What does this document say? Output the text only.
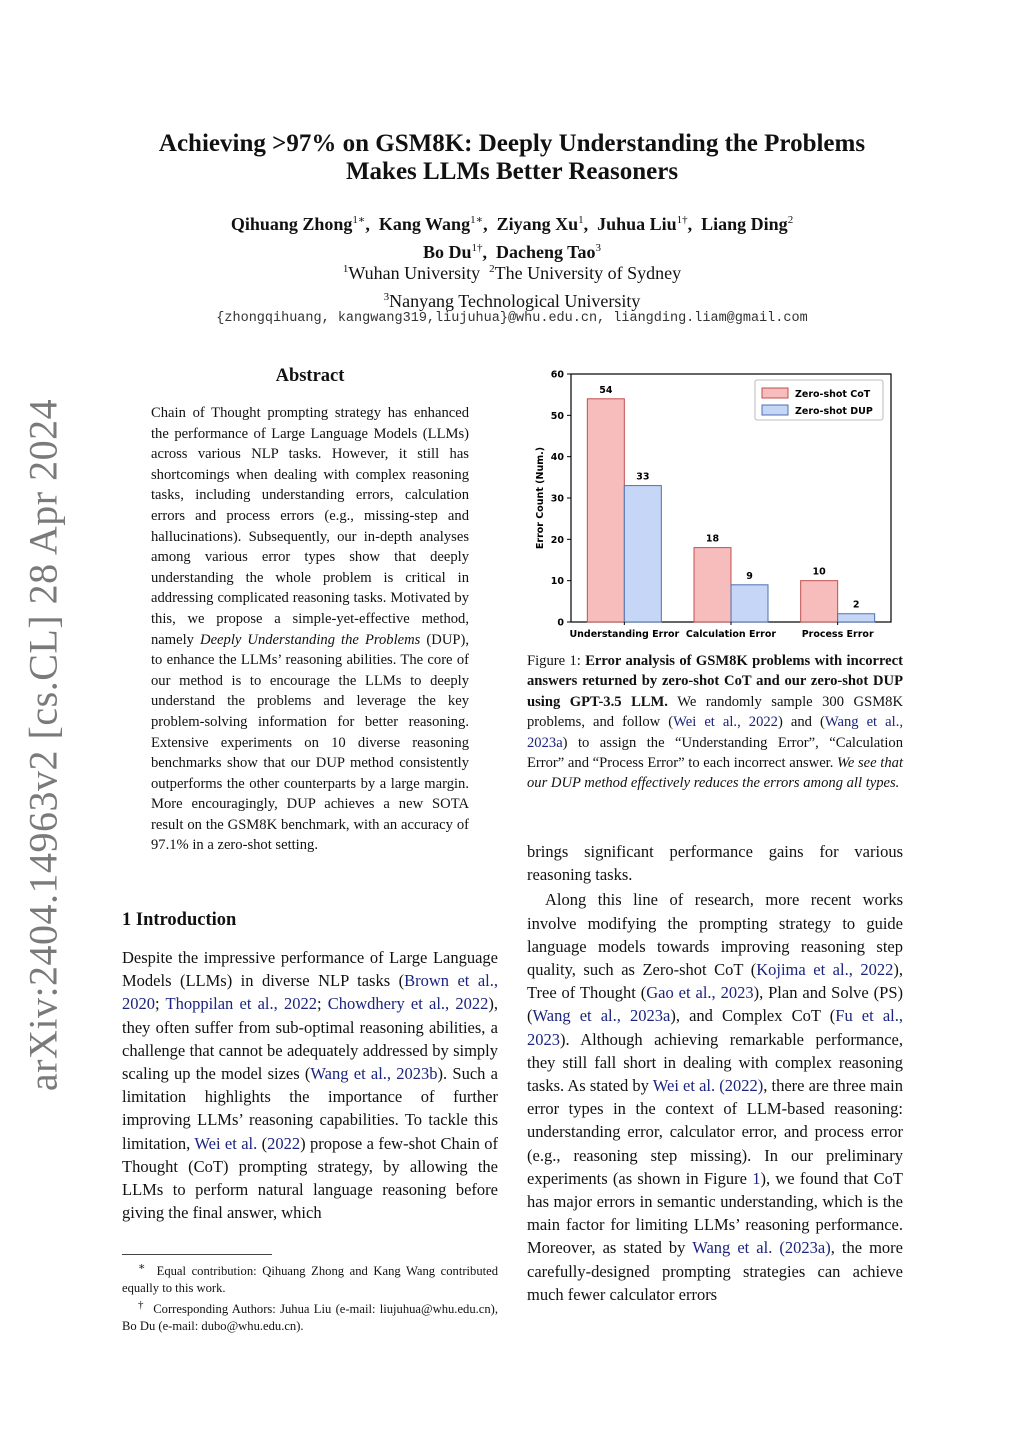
arXiv:2404.14963v2 [cs.CL] 28 Apr 2024
Achieving >97% on GSM8K: Deeply Understanding the Problems
Makes LLMs Better Reasoners
Qihuang Zhong$^{1∗}$,  Kang Wang$^{1∗}$,  Ziyang Xu$^1$,  Juhua Liu$^{1\dagger}$,  Liang Ding$^2$
Bo $Du^{1\dagger}$,  Dacheng Tao$^3$
$^1$Wuhan University $^2$The University of Sydney
$^3$Nanyang Technological University
{zhongqihuang, kangwang319,liujuhua}@whu.edu.cn, liangding.liam@gmail.com
Abstract

Chain of Thought prompting strategy has enhanced the performance of Large Language Models (LLMs) across various NLP tasks. However, it still has shortcomings when dealing with complex reasoning tasks, including understanding errors, calculation errors and process errors (e.g., missing-step and hallucinations). Subsequently, our in-depth analyses among various error types show that deeply understanding the whole problem is critical in addressing complicated reasoning tasks. Motivated by this, we propose a simple-yet-effective method, namely Deeply Understanding the Problems (DUP), to enhance the LLMs’ reasoning abilities. The core of our method is to encourage the LLMs to deeply understand the problems and leverage the key problem-solving information for better reasoning. Extensive experiments on 10 diverse reasoning benchmarks show that our DUP method consistently outperforms the other counterparts by a large margin. More encouragingly, DUP achieves a new SOTA result on the GSM8K benchmark, with an accuracy of 97.1% in a zero-shot setting.

1 Introduction

Despite the impressive performance of Large Language Models (LLMs) in diverse NLP tasks (Brown et al., 2020; Thoppilan et al., 2022; Chowdhery et al., 2022), they often suffer from sub-optimal reasoning abilities, a challenge that cannot be adequately addressed by simply scaling up the model sizes (Wang et al., 2023b). Such a limitation highlights the importance of further improving LLMs’ reasoning capabilities. To tackle this limitation, Wei et al. (2022) propose a few-shot Chain of Thought (CoT) prompting strategy, by allowing the LLMs to perform natural language reasoning before giving the final answer, which

∗ Equal contribution: Qihuang Zhong and Kang Wang contributed equally to this work.

† Corresponding Authors: Juhua Liu (e-mail: liujuhua@whu.edu.cn), Bo Du (e-mail: dubo@whu.edu.cn).

0
10
20
30
40
50
60
Error Count (Num.)
54
33
Understanding Error
18
9
Calculation Error
10
2
Process Error
Zero-shot CoT
Zero-shot DUP

Figure 1: Error analysis of GSM8K problems with incorrect answers returned by zero-shot CoT and our zero-shot DUP using GPT-3.5 LLM. We randomly sample 300 GSM8K problems, and follow (Wei et al., 2022) and (Wang et al., 2023a) to assign the “Understanding Error”, “Calculation Error” and “Process Error” to each incorrect answer. We see that our DUP method effectively reduces the errors among all types.

brings significant performance gains for various reasoning tasks.

Along this line of research, more recent works involve modifying the prompting strategy to guide language models towards improving reasoning step quality, such as Zero-shot CoT (Kojima et al., 2022), Tree of Thought (Gao et al., 2023), Plan and Solve (PS) (Wang et al., 2023a), and Complex CoT (Fu et al., 2023). Although achieving remarkable performance, they still fall short in dealing with complex reasoning tasks. As stated by Wei et al. (2022), there are three main error types in the context of LLM-based reasoning: understanding error, calculator error, and process error (e.g., reasoning step missing). In our preliminary experiments (as shown in Figure 1), we found that CoT has major errors in semantic understanding, which is the main factor for limiting LLMs’ reasoning performance. Moreover, as stated by Wang et al. (2023a), the more carefully-designed prompting strategies can achieve much fewer calculator errors
